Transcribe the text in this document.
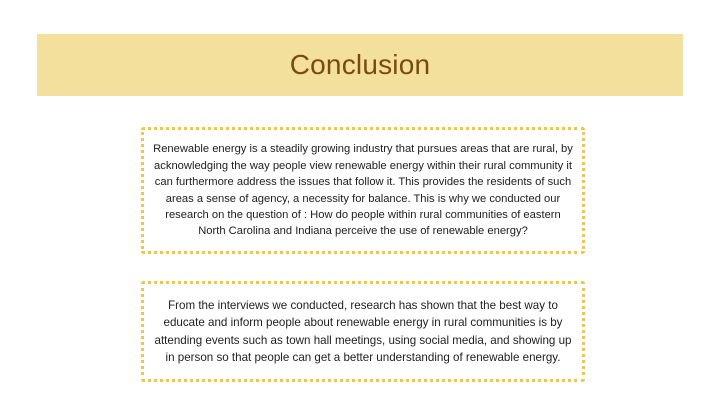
Conclusion

Renewable energy is a steadily growing industry that pursues areas that are rural, by acknowledging the way people view renewable energy within their rural community it can furthermore address the issues that follow it. This provides the residents of such areas a sense of agency, a necessity for balance. This is why we conducted our research on the question of : How do people within rural communities of eastern North Carolina and Indiana perceive the use of renewable energy?

From the interviews we conducted, research has shown that the best way to educate and inform people about renewable energy in rural communities is by attending events such as town hall meetings, using social media, and showing up in person so that people can get a better understanding of renewable energy.
